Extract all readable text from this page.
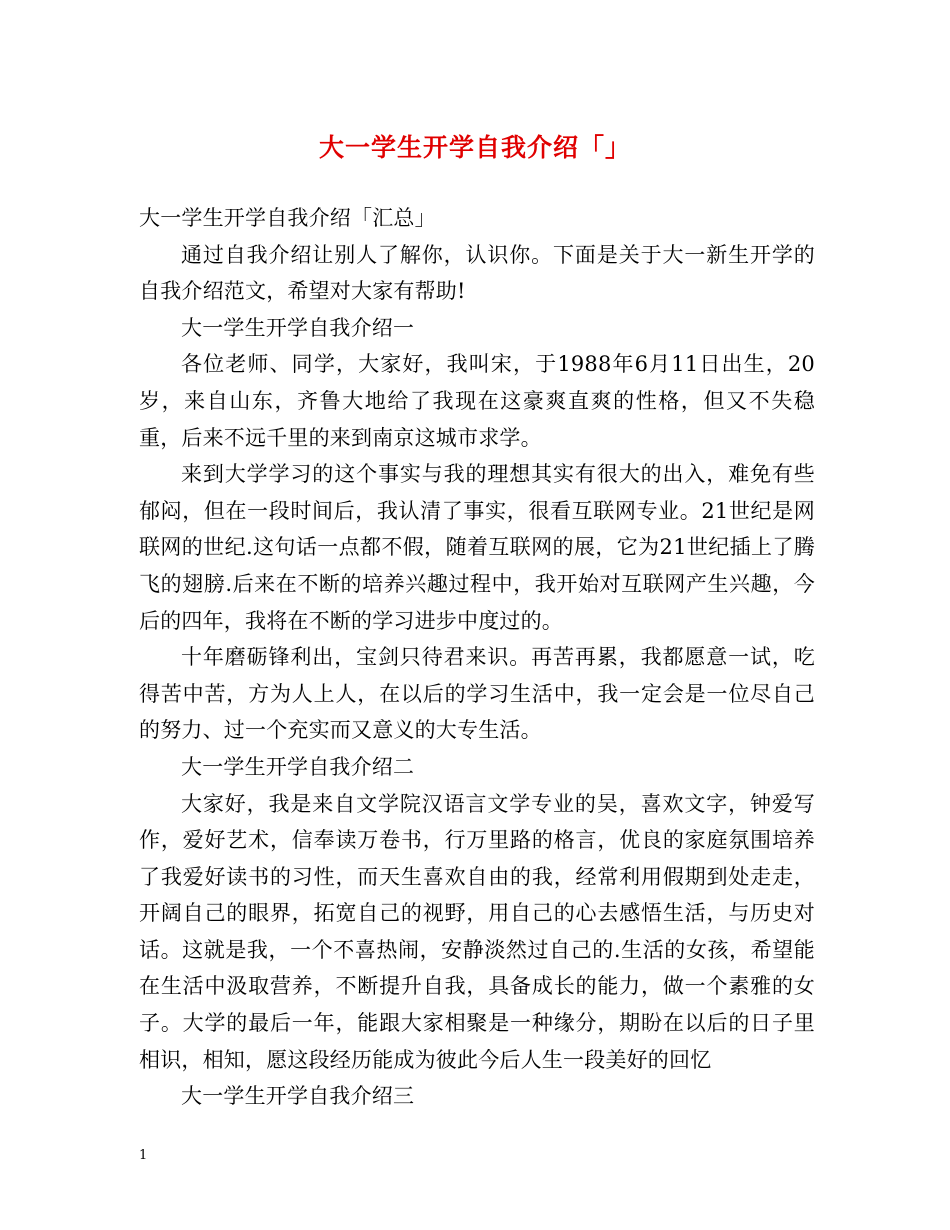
大一学生开学自我介绍「」

大一学生开学自我介绍「汇总」

通过自我介绍让别人了解你，认识你。下面是关于大一新生开学的自我介绍范文，希望对大家有帮助!

大一学生开学自我介绍一

各位老师、同学，大家好，我叫宋，于1988年6月11日出生，20岁，来自山东，齐鲁大地给了我现在这豪爽直爽的性格，但又不失稳重，后来不远千里的来到南京这城市求学。

来到大学学习的这个事实与我的理想其实有很大的出入，难免有些郁闷，但在一段时间后，我认清了事实，很看互联网专业。21世纪是网联网的世纪.这句话一点都不假，随着互联网的展，它为21世纪插上了腾飞的翅膀.后来在不断的培养兴趣过程中，我开始对互联网产生兴趣，今后的四年，我将在不断的学习进步中度过的。

十年磨砺锋利出，宝剑只待君来识。再苦再累，我都愿意一试，吃得苦中苦，方为人上人，在以后的学习生活中，我一定会是一位尽自己的努力、过一个充实而又意义的大专生活。

大一学生开学自我介绍二

大家好，我是来自文学院汉语言文学专业的吴，喜欢文字，钟爱写作，爱好艺术，信奉读万卷书，行万里路的格言，优良的家庭氛围培养了我爱好读书的习性，而天生喜欢自由的我，经常利用假期到处走走，开阔自己的眼界，拓宽自己的视野，用自己的心去感悟生活，与历史对话。这就是我，一个不喜热闹，安静淡然过自己的.生活的女孩，希望能在生活中汲取营养，不断提升自我，具备成长的能力，做一个素雅的女子。大学的最后一年，能跟大家相聚是一种缘分，期盼在以后的日子里相识，相知，愿这段经历能成为彼此今后人生一段美好的回忆

大一学生开学自我介绍三

1
